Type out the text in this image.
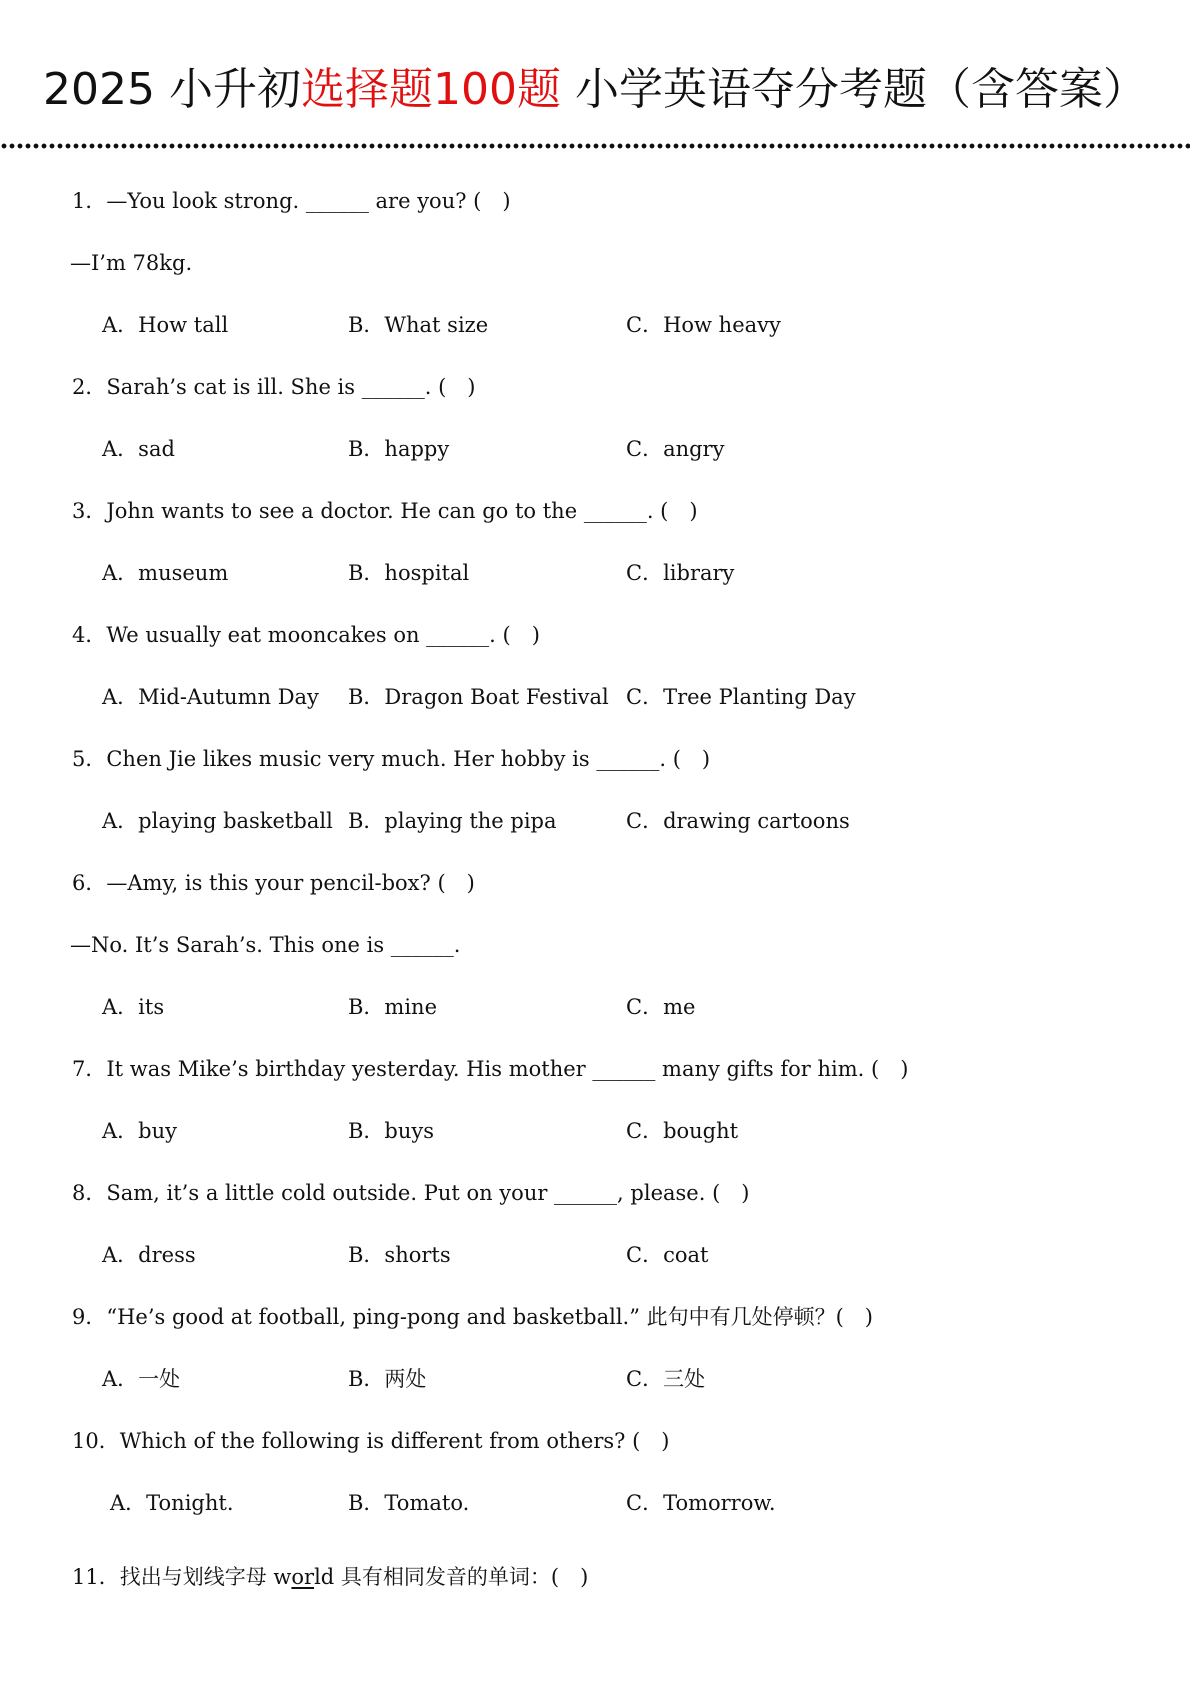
2025 小升初选择题100题 小学英语夺分考题（含答案）
1．—You look strong. ______ are you? (　)
—I’m 78kg.
A．How tall	B．What size	C．How heavy
2．Sarah’s cat is ill. She is ______. (　)
A．sad	B．happy	C．angry
3．John wants to see a doctor. He can go to the ______. (　)
A．museum	B．hospital	C．library
4．We usually eat mooncakes on ______. (　)
A．Mid-Autumn Day B．Dragon Boat Festival C．Tree Planting Day
5．Chen Jie likes music very much. Her hobby is ______. (　)
A．playing basketball B．playing the pipa	C．drawing cartoons
6．—Amy, is this your pencil-box? (　)
—No. It’s Sarah’s. This one is ______.
A．its	B．mine	C．me
7．It was Mike’s birthday yesterday. His mother ______ many gifts for him. (　)
A．buy	B．buys	C．bought
8．Sam, it’s a little cold outside. Put on your ______, please. (　)
A．dress	B．shorts	C．coat
9．“He’s good at football, ping-pong and basketball.” 此句中有几处停顿？(　)
A．一处	B．两处	C．三处
10．Which of the following is different from others? (　)
A．Tonight.	B．Tomato.	C．Tomorrow.
11．找出与划线字母 world 具有相同发音的单词：(　)
